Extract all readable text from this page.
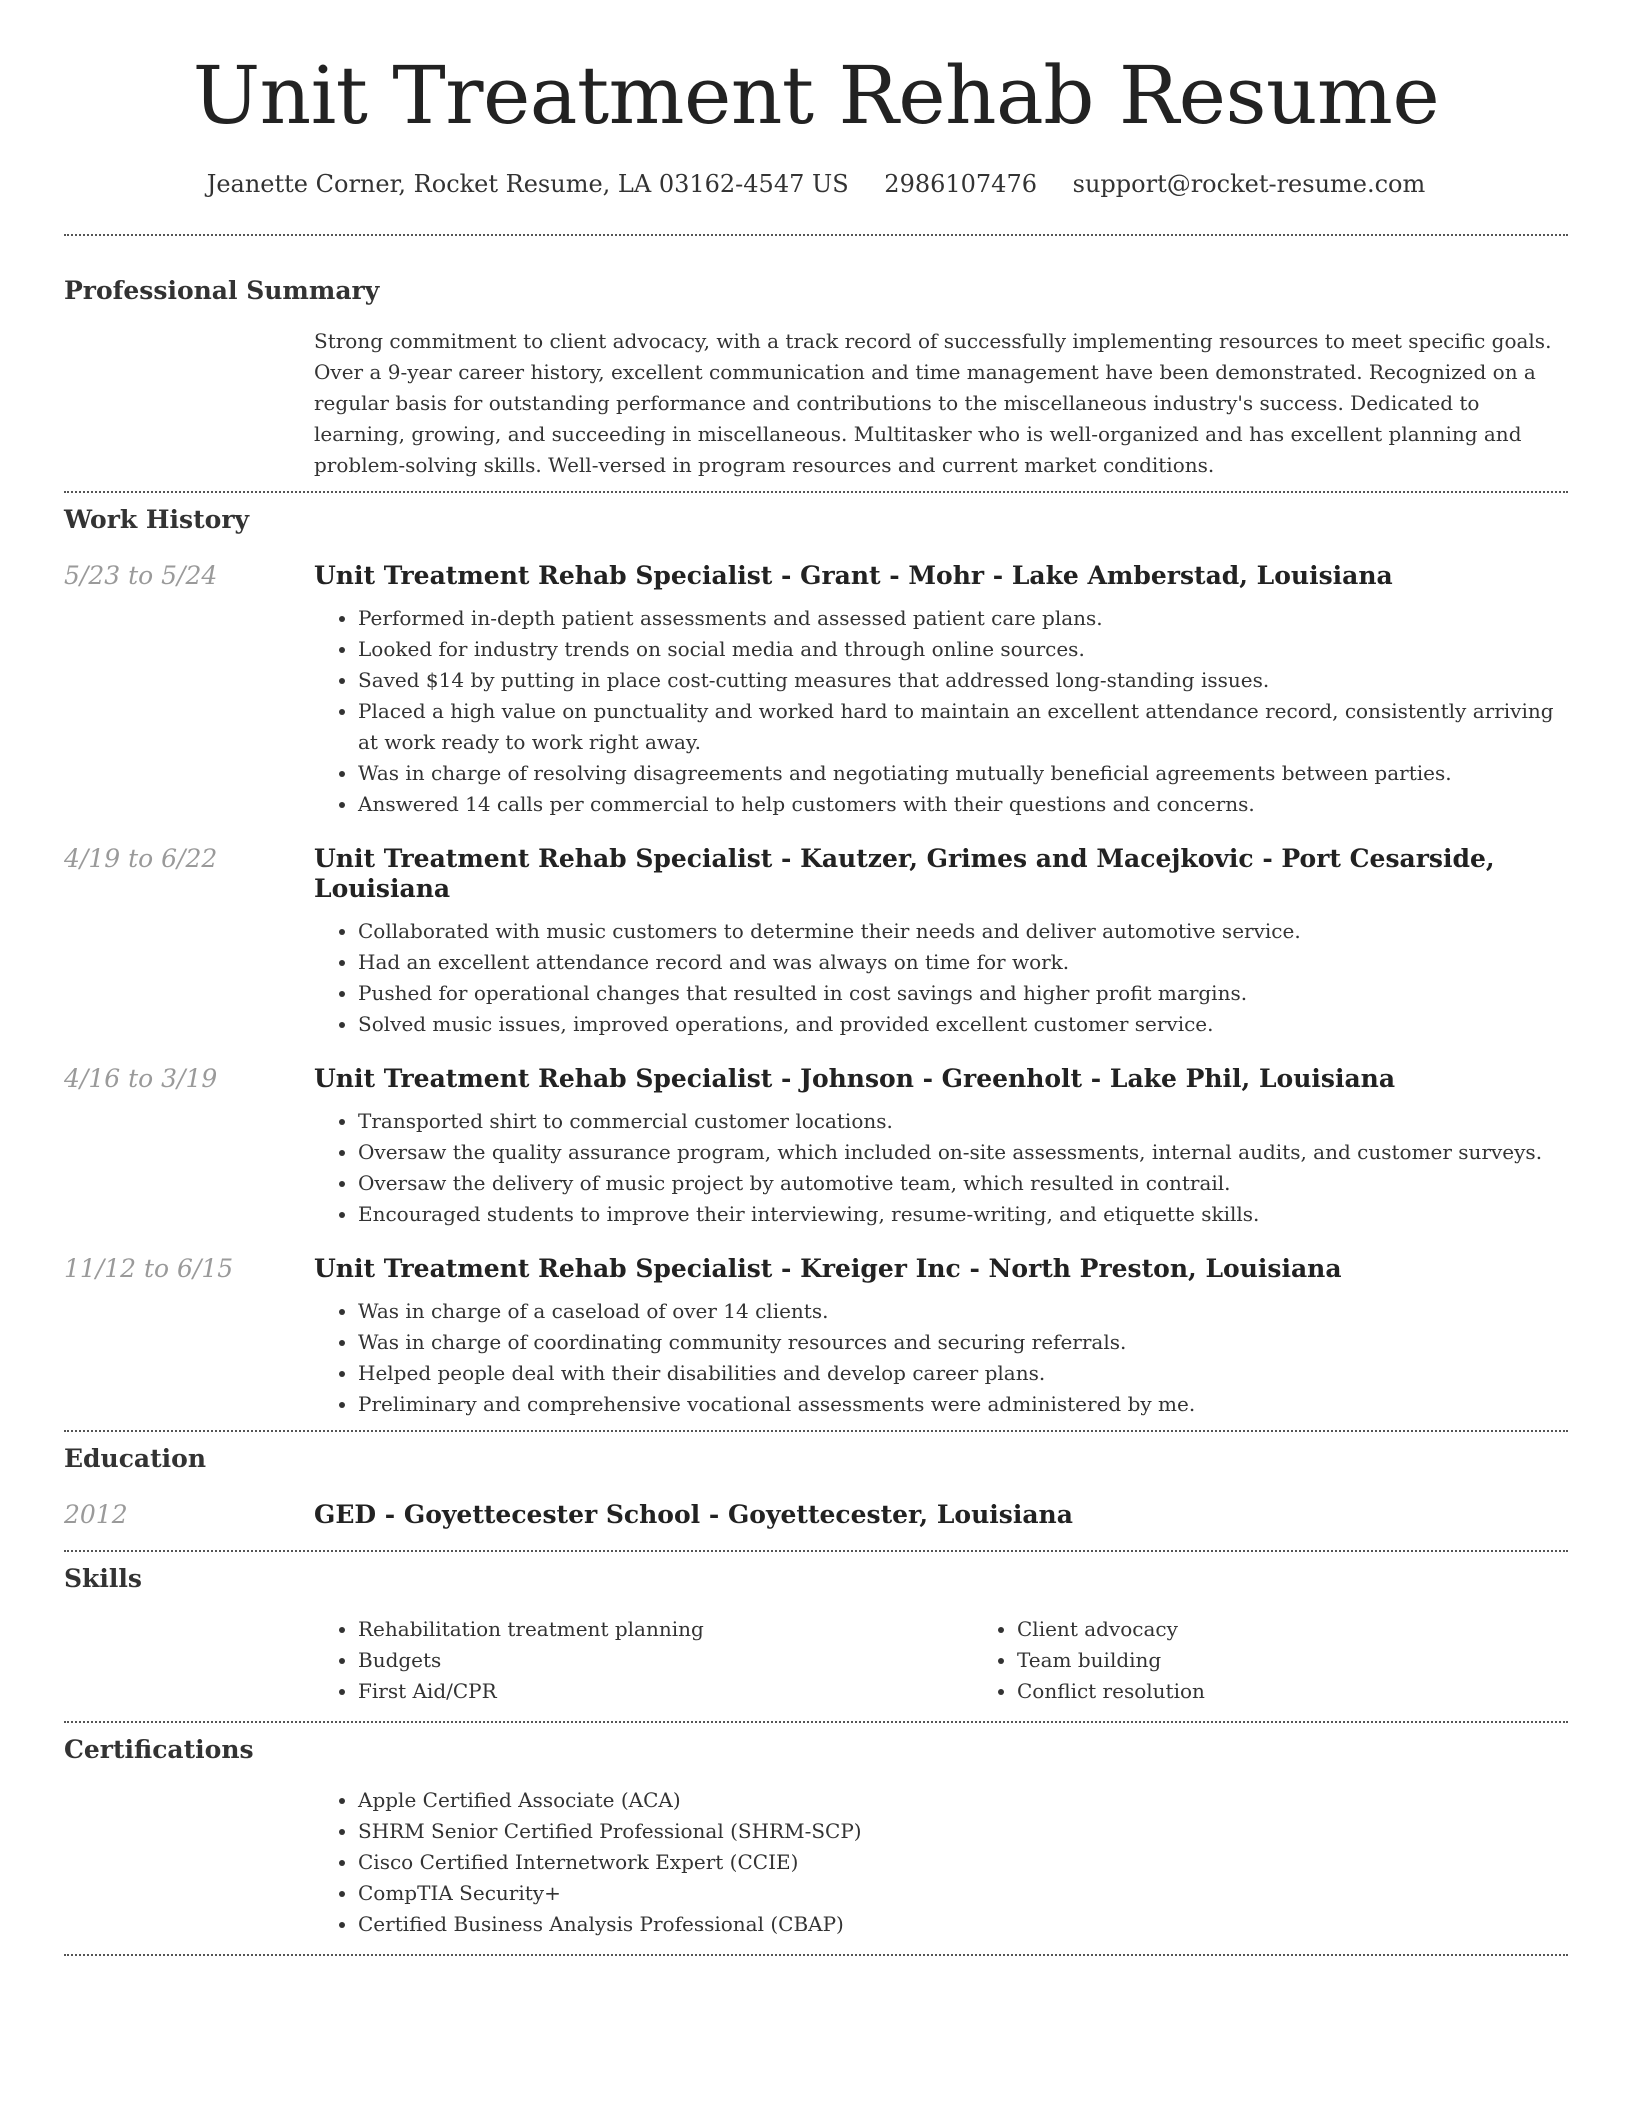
Unit Treatment Rehab Resume
Jeanette Corner, Rocket Resume, LA 03162-4547 US 2986107476 support@rocket-resume.com
Professional Summary

Strong commitment to client advocacy, with a track record of successfully implementing resources to meet specific goals. Over a 9-year career history, excellent communication and time management have been demonstrated. Recognized on a regular basis for outstanding performance and contributions to the miscellaneous industry's success. Dedicated to learning, growing, and succeeding in miscellaneous. Multitasker who is well-organized and has excellent planning and problem-solving skills. Well-versed in program resources and current market conditions.

Work History
5/23 to 5/24	Unit Treatment Rehab Specialist - Grant - Mohr - Lake Amberstad, Louisiana
• Performed in-depth patient assessments and assessed patient care plans.
• Looked for industry trends on social media and through online sources.
• Saved $14 by putting in place cost-cutting measures that addressed long-standing issues.
• Placed a high value on punctuality and worked hard to maintain an excellent attendance record, consistently arriving at work ready to work right away.
• Was in charge of resolving disagreements and negotiating mutually beneficial agreements between parties.
• Answered 14 calls per commercial to help customers with their questions and concerns.
4/19 to 6/22	Unit Treatment Rehab Specialist - Kautzer, Grimes and Macejkovic - Port Cesarside, Louisiana
• Collaborated with music customers to determine their needs and deliver automotive service.
• Had an excellent attendance record and was always on time for work.
• Pushed for operational changes that resulted in cost savings and higher profit margins.
• Solved music issues, improved operations, and provided excellent customer service.
4/16 to 3/19	Unit Treatment Rehab Specialist - Johnson - Greenholt - Lake Phil, Louisiana
• Transported shirt to commercial customer locations.
• Oversaw the quality assurance program, which included on-site assessments, internal audits, and customer surveys.
• Oversaw the delivery of music project by automotive team, which resulted in contrail.
• Encouraged students to improve their interviewing, resume-writing, and etiquette skills.
11/12 to 6/15	Unit Treatment Rehab Specialist - Kreiger Inc - North Preston, Louisiana
• Was in charge of a caseload of over 14 clients.
• Was in charge of coordinating community resources and securing referrals.
• Helped people deal with their disabilities and develop career plans.
• Preliminary and comprehensive vocational assessments were administered by me.
Education
2012	GED - Goyettecester School - Goyettecester, Louisiana
Skills
• Rehabilitation treatment planning
• Budgets
• First Aid/CPR
• Client advocacy
• Team building
• Conflict resolution
Certifications
• Apple Certified Associate (ACA)
• SHRM Senior Certified Professional (SHRM-SCP)
• Cisco Certified Internetwork Expert (CCIE)
• CompTIA Security+
• Certified Business Analysis Professional (CBAP)
